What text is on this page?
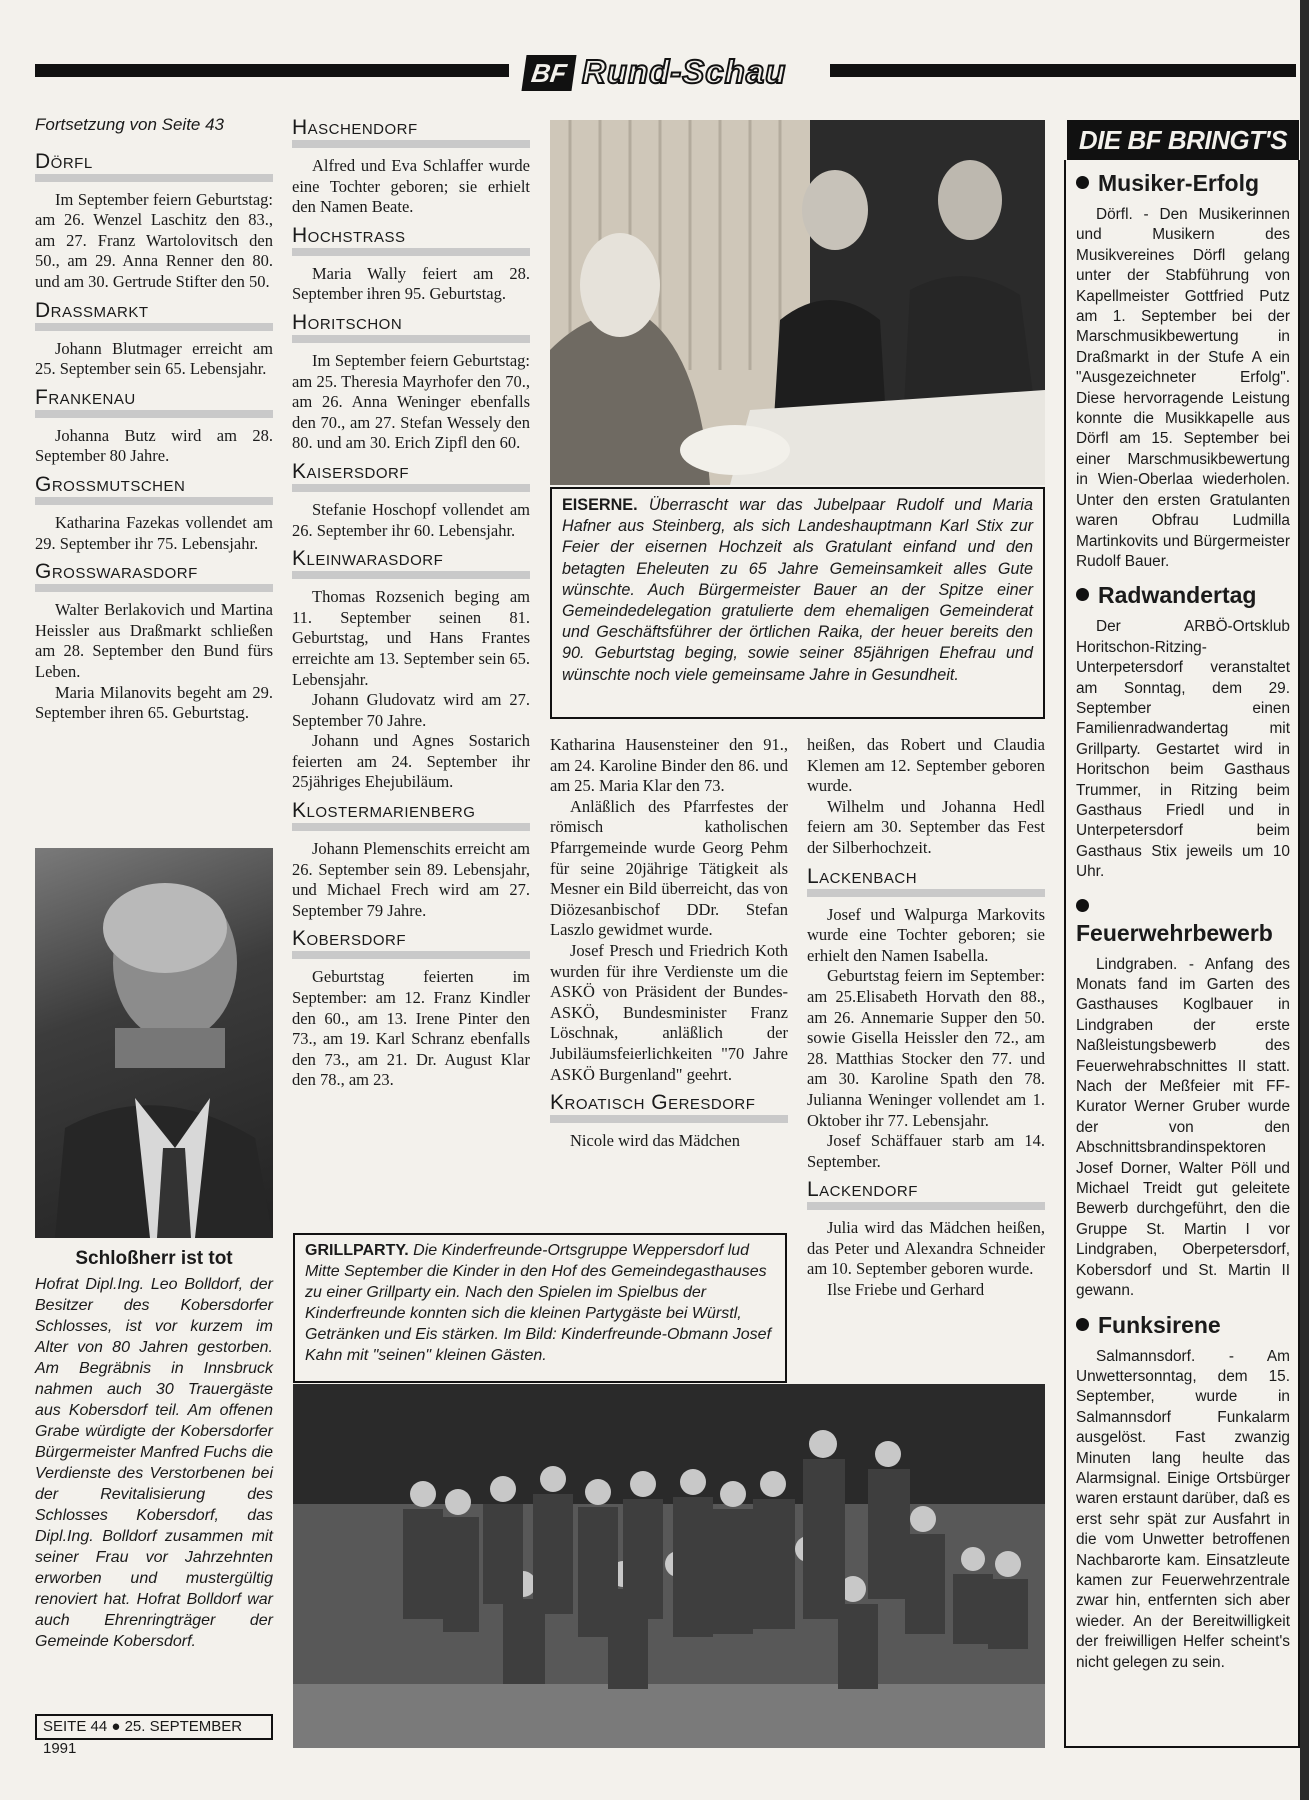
BF Rund-Schau

Fortsetzung von Seite 43

Dörfl

Im September feiern Geburtstag: am 26. Wenzel Laschitz den 83., am 27. Franz Wartolovitsch den 50., am 29. Anna Renner den 80. und am 30. Gertrude Stifter den 50.

Drassmarkt

Johann Blutmager erreicht am 25. September sein 65. Lebensjahr.

Frankenau

Johanna Butz wird am 28. September 80 Jahre.

Grossmutschen

Katharina Fazekas vollendet am 29. September ihr 75. Lebensjahr.

Grosswarasdorf

Walter Berlakovich und Martina Heissler aus Draßmarkt schließen am 28. September den Bund fürs Leben.

Maria Milanovits begeht am 29. September ihren 65. Geburtstag.

Schloßherr ist tot

Hofrat Dipl.Ing. Leo Bolldorf, der Besitzer des Kobersdorfer Schlosses, ist vor kurzem im Alter von 80 Jahren gestorben. Am Begräbnis in Innsbruck nahmen auch 30 Trauergäste aus Kobersdorf teil. Am offenen Grabe würdigte der Kobersdorfer Bürgermeister Manfred Fuchs die Verdienste des Verstorbenen bei der Revitalisierung des Schlosses Kobersdorf, das Dipl.Ing. Bolldorf zusammen mit seiner Frau vor Jahrzehnten erworben und mustergültig renoviert hat. Hofrat Bolldorf war auch Ehrenringträger der Gemeinde Kobersdorf.

SEITE 44 ● 25. SEPTEMBER 1991
Haschendorf

Alfred und Eva Schlaffer wurde eine Tochter geboren; sie erhielt den Namen Beate.

Hochstrass

Maria Wally feiert am 28. September ihren 95. Geburtstag.

Horitschon

Im September feiern Geburtstag: am 25. Theresia Mayrhofer den 70., am 26. Anna Weninger ebenfalls den 70., am 27. Stefan Wessely den 80. und am 30. Erich Zipfl den 60.

Kaisersdorf

Stefanie Hoschopf vollendet am 26. September ihr 60. Lebensjahr.

Kleinwarasdorf

Thomas Rozsenich beging am 11. September seinen 81. Geburtstag, und Hans Frantes erreichte am 13. September sein 65. Lebensjahr.

Johann Gludovatz wird am 27. September 70 Jahre.

Johann und Agnes Sostarich feierten am 24. September ihr 25jähriges Ehejubiläum.

Klostermarienberg

Johann Plemenschits erreicht am 26. September sein 89. Lebensjahr, und Michael Frech wird am 27. September 79 Jahre.

Kobersdorf

Geburtstag feierten im September: am 12. Franz Kindler den 60., am 13. Irene Pinter den 73., am 19. Karl Schranz ebenfalls den 73., am 21. Dr. August Klar den 78., am 23.

EISERNE. Überrascht war das Jubelpaar Rudolf und Maria Hafner aus Steinberg, als sich Landeshauptmann Karl Stix zur Feier der eisernen Hochzeit als Gratulant einfand und den betagten Eheleuten zu 65 Jahre Gemeinsamkeit alles Gute wünschte. Auch Bürgermeister Bauer an der Spitze einer Gemeindedelegation gratulierte dem ehemaligen Gemeinderat und Geschäftsführer der örtlichen Raika, der heuer bereits den 90. Geburtstag beging, sowie seiner 85jährigen Ehefrau und wünschte noch viele gemeinsame Jahre in Gesundheit.

Katharina Hausensteiner den 91., am 24. Karoline Binder den 86. und am 25. Maria Klar den 73.

Anläßlich des Pfarrfestes der römisch katholischen Pfarrgemeinde wurde Georg Pehm für seine 20jährige Tätigkeit als Mesner ein Bild überreicht, das von Diözesanbischof DDr. Stefan Laszlo gewidmet wurde.

Josef Presch und Friedrich Koth wurden für ihre Verdienste um die ASKÖ von Präsident der Bundes-ASKÖ, Bundesminister Franz Löschnak, anläßlich der Jubiläumsfeierlichkeiten "70 Jahre ASKÖ Burgenland" geehrt.

Kroatisch Geresdorf

Nicole wird das Mädchen

heißen, das Robert und Claudia Klemen am 12. September geboren wurde.

Wilhelm und Johanna Hedl feiern am 30. September das Fest der Silberhochzeit.

Lackenbach

Josef und Walpurga Markovits wurde eine Tochter geboren; sie erhielt den Namen Isabella.

Geburtstag feiern im September: am 25.Elisabeth Horvath den 88., am 26. Annemarie Supper den 50. sowie Gisella Heissler den 72., am 28. Matthias Stocker den 77. und am 30. Karoline Spath den 78. Julianna Weninger vollendet am 1. Oktober ihr 77. Lebensjahr.

Josef Schäffauer starb am 14. September.

Lackendorf

Julia wird das Mädchen heißen, das Peter und Alexandra Schneider am 10. September geboren wurde.

Ilse Friebe und Gerhard

GRILLPARTY. Die Kinderfreunde-Ortsgruppe Weppersdorf lud Mitte September die Kinder in den Hof des Gemeindegasthauses zu einer Grillparty ein. Nach den Spielen im Spielbus der Kinderfreunde konnten sich die kleinen Partygäste bei Würstl, Getränken und Eis stärken. Im Bild: Kinderfreunde-Obmann Josef Kahn mit "seinen" kleinen Gästen.

DIE BF BRINGT'S
Musiker-Erfolg

Dörfl. - Den Musikerinnen und Musikern des Musikvereines Dörfl gelang unter der Stabführung von Kapellmeister Gottfried Putz am 1. September bei der Marschmusikbewertung in Draßmarkt in der Stufe A ein "Ausgezeichneter Erfolg". Diese hervorragende Leistung konnte die Musikkapelle aus Dörfl am 15. September bei einer Marschmusikbewertung in Wien-Oberlaa wiederholen. Unter den ersten Gratulanten waren Obfrau Ludmilla Martinkovits und Bürgermeister Rudolf Bauer.

Radwandertag

Der ARBÖ-Ortsklub Horitschon-Ritzing-Unterpetersdorf veranstaltet am Sonntag, dem 29. September einen Familienradwandertag mit Grillparty. Gestartet wird in Horitschon beim Gasthaus Trummer, in Ritzing beim Gasthaus Friedl und in Unterpetersdorf beim Gasthaus Stix jeweils um 10 Uhr.

Feuerwehrbewerb

Lindgraben. - Anfang des Monats fand im Garten des Gasthauses Koglbauer in Lindgraben der erste Naßleistungsbewerb des Feuerwehrabschnittes II statt. Nach der Meßfeier mit FF-Kurator Werner Gruber wurde der von den Abschnittsbrandinspektoren Josef Dorner, Walter Pöll und Michael Treidt gut geleitete Bewerb durchgeführt, den die Gruppe St. Martin I vor Lindgraben, Oberpetersdorf, Kobersdorf und St. Martin II gewann.

Funksirene

Salmannsdorf. - Am Unwettersonntag, dem 15. September, wurde in Salmannsdorf Funkalarm ausgelöst. Fast zwanzig Minuten lang heulte das Alarmsignal. Einige Ortsbürger waren erstaunt darüber, daß es erst sehr spät zur Ausfahrt in die vom Unwetter betroffenen Nachbarorte kam. Einsatzleute kamen zur Feuerwehrzentrale zwar hin, entfernten sich aber wieder. An der Bereitwilligkeit der freiwilligen Helfer scheint's nicht gelegen zu sein.
